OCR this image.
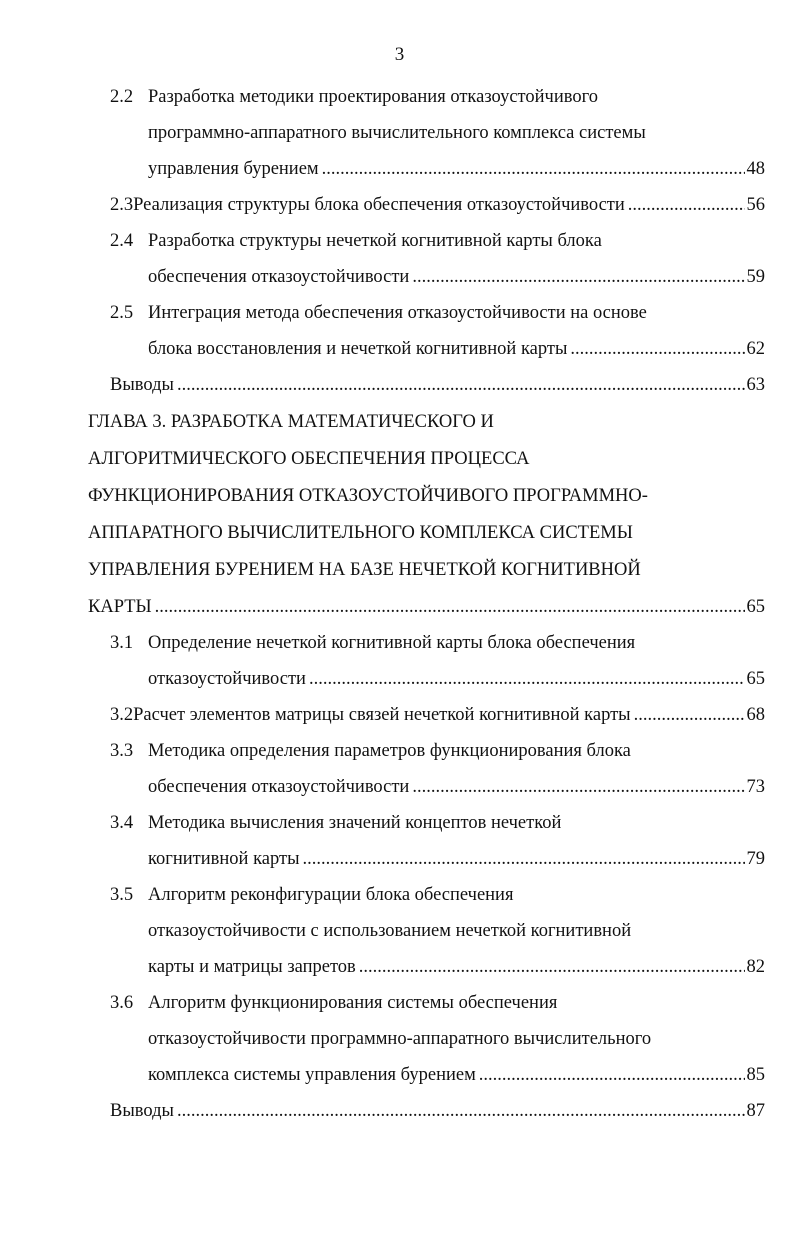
3
2.2 Разработка методики проектирования отказоустойчивого
программно-аппаратного вычислительного комплекса системы
управления бурением .....	48
2.3 Реализация структуры блока обеспечения отказоустойчивости .....	56
2.4 Разработка структуры нечеткой когнитивной карты блока
обеспечения отказоустойчивости .....	59
2.5 Интеграция метода обеспечения отказоустойчивости на основе
блока восстановления и нечеткой когнитивной карты .....	62
Выводы .....	63
ГЛАВА 3. РАЗРАБОТКА МАТЕМАТИЧЕСКОГО И
АЛГОРИТМИЧЕСКОГО ОБЕСПЕЧЕНИЯ ПРОЦЕССА
ФУНКЦИОНИРОВАНИЯ ОТКАЗОУСТОЙЧИВОГО ПРОГРАММНО-
АППАРАТНОГО ВЫЧИСЛИТЕЛЬНОГО КОМПЛЕКСА СИСТЕМЫ
УПРАВЛЕНИЯ БУРЕНИЕМ НА БАЗЕ НЕЧЕТКОЙ КОГНИТИВНОЙ
КАРТЫ .....	65
3.1 Определение нечеткой когнитивной карты блока обеспечения
отказоустойчивости .....	65
3.2 Расчет элементов матрицы связей нечеткой когнитивной карты .....	68
3.3 Методика определения параметров функционирования блока
обеспечения отказоустойчивости .....	73
3.4 Методика вычисления значений концептов нечеткой
когнитивной карты .....	79
3.5 Алгоритм реконфигурации блока обеспечения
отказоустойчивости с использованием нечеткой когнитивной
карты и матрицы запретов .....	82
3.6 Алгоритм функционирования системы обеспечения
отказоустойчивости программно-аппаратного вычислительного
комплекса системы управления бурением .....	85
Выводы .....	87
